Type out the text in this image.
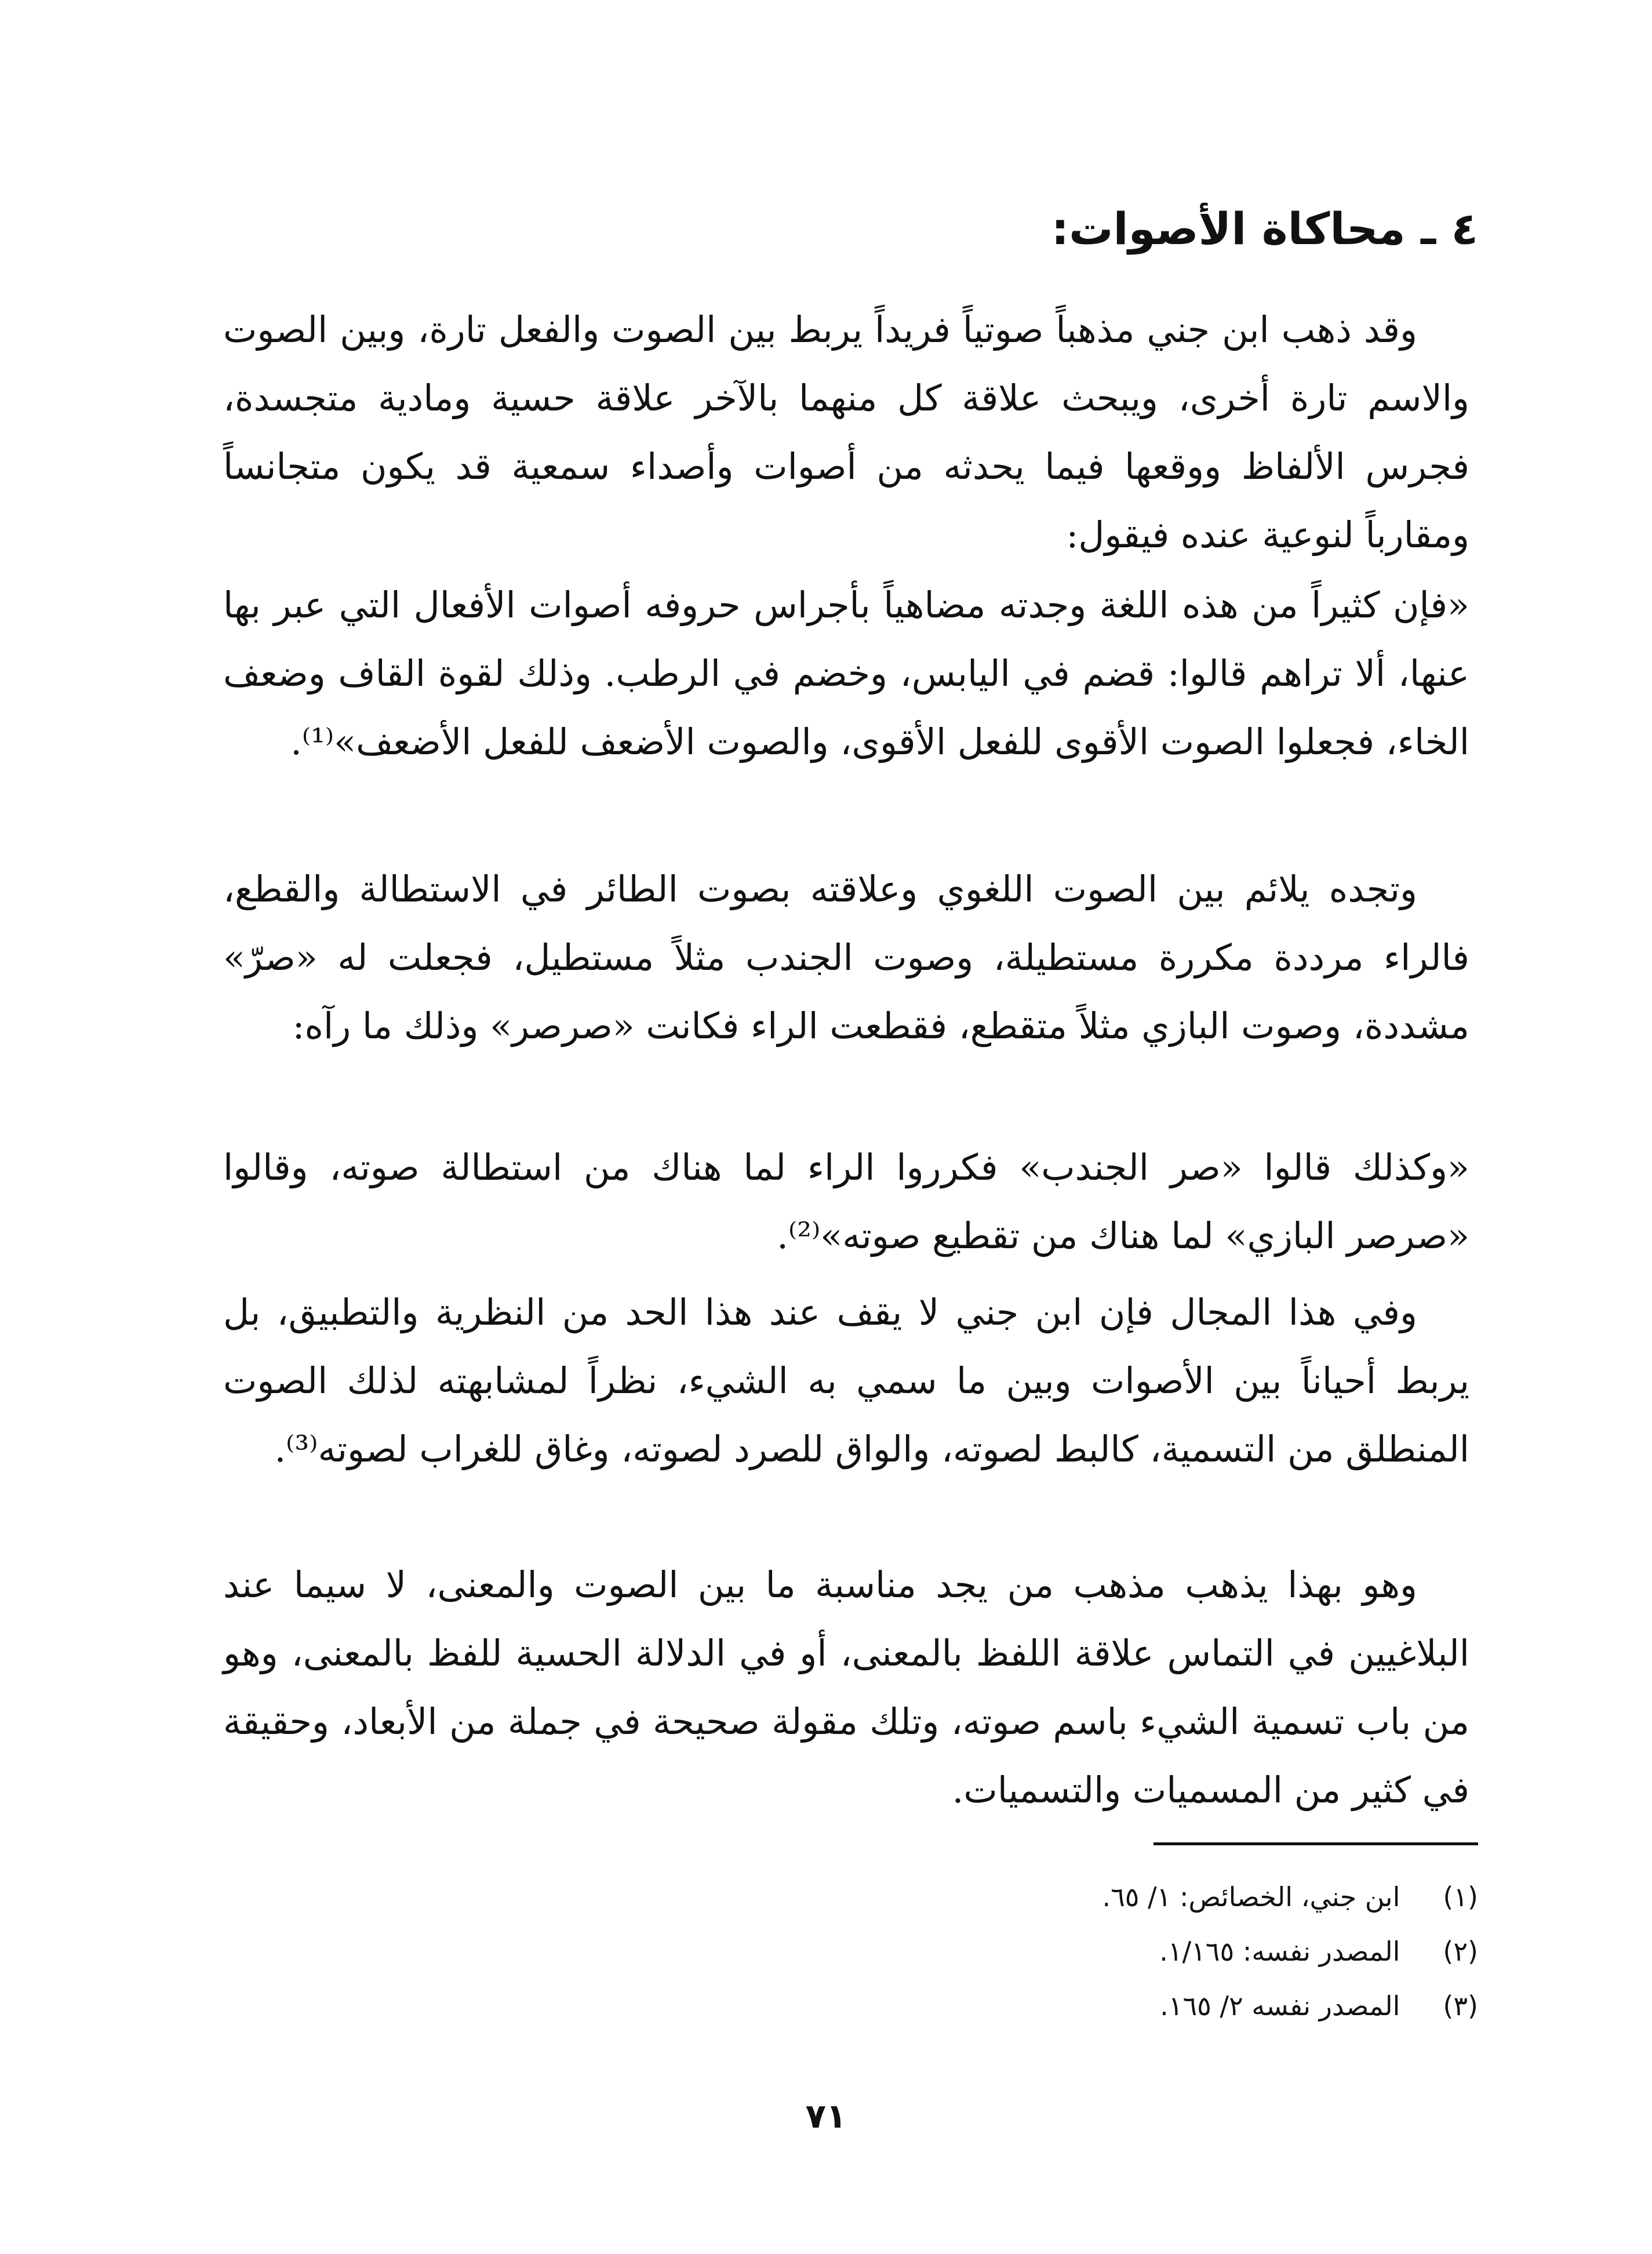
٤ ـ محاكاة الأصوات:
وقد ذهب ابن جني مذهباً صوتياً فريداً يربط بين الصوت والفعل تارة، وبين الصوت والاسم تارة أخرى، ويبحث علاقة كل منهما بالآخر علاقة حسية ومادية متجسدة، فجرس الألفاظ ووقعها فيما يحدثه من أصوات وأصداء سمعية قد يكون متجانساً ومقارباً لنوعية عنده فيقول:
«فإن كثيراً من هذه اللغة وجدته مضاهياً بأجراس حروفه أصوات الأفعال التي عبر بها عنها، ألا تراهم قالوا: قضم في اليابس، وخضم في الرطب. وذلك لقوة القاف وضعف الخاء، فجعلوا الصوت الأقوى للفعل الأقوى، والصوت الأضعف للفعل الأضعف»⁽¹⁾.
وتجده يلائم بين الصوت اللغوي وعلاقته بصوت الطائر في الاستطالة والقطع، فالراء مرددة مكررة مستطيلة، وصوت الجندب مثلاً مستطيل، فجعلت له «صرّ» مشددة، وصوت البازي مثلاً متقطع، فقطعت الراء فكانت «صرصر» وذلك ما رآه:
«وكذلك قالوا «صر الجندب» فكرروا الراء لما هناك من استطالة صوته، وقالوا «صرصر البازي» لما هناك من تقطيع صوته»⁽²⁾.
وفي هذا المجال فإن ابن جني لا يقف عند هذا الحد من النظرية والتطبيق، بل يربط أحياناً بين الأصوات وبين ما سمي به الشيء، نظراً لمشابهته لذلك الصوت المنطلق من التسمية، كالبط لصوته، والواق للصرد لصوته، وغاق للغراب لصوته⁽³⁾.
وهو بهذا يذهب مذهب من يجد مناسبة ما بين الصوت والمعنى، لا سيما عند البلاغيين في التماس علاقة اللفظ بالمعنى، أو في الدلالة الحسية للفظ بالمعنى، وهو من باب تسمية الشيء باسم صوته، وتلك مقولة صحيحة في جملة من الأبعاد، وحقيقة في كثير من المسميات والتسميات.
(١) ابن جني، الخصائص: ١/ ٦٥.
(٢) المصدر نفسه: ١/١٦٥.
(٣) المصدر نفسه ٢/ ١٦٥.
٧١
